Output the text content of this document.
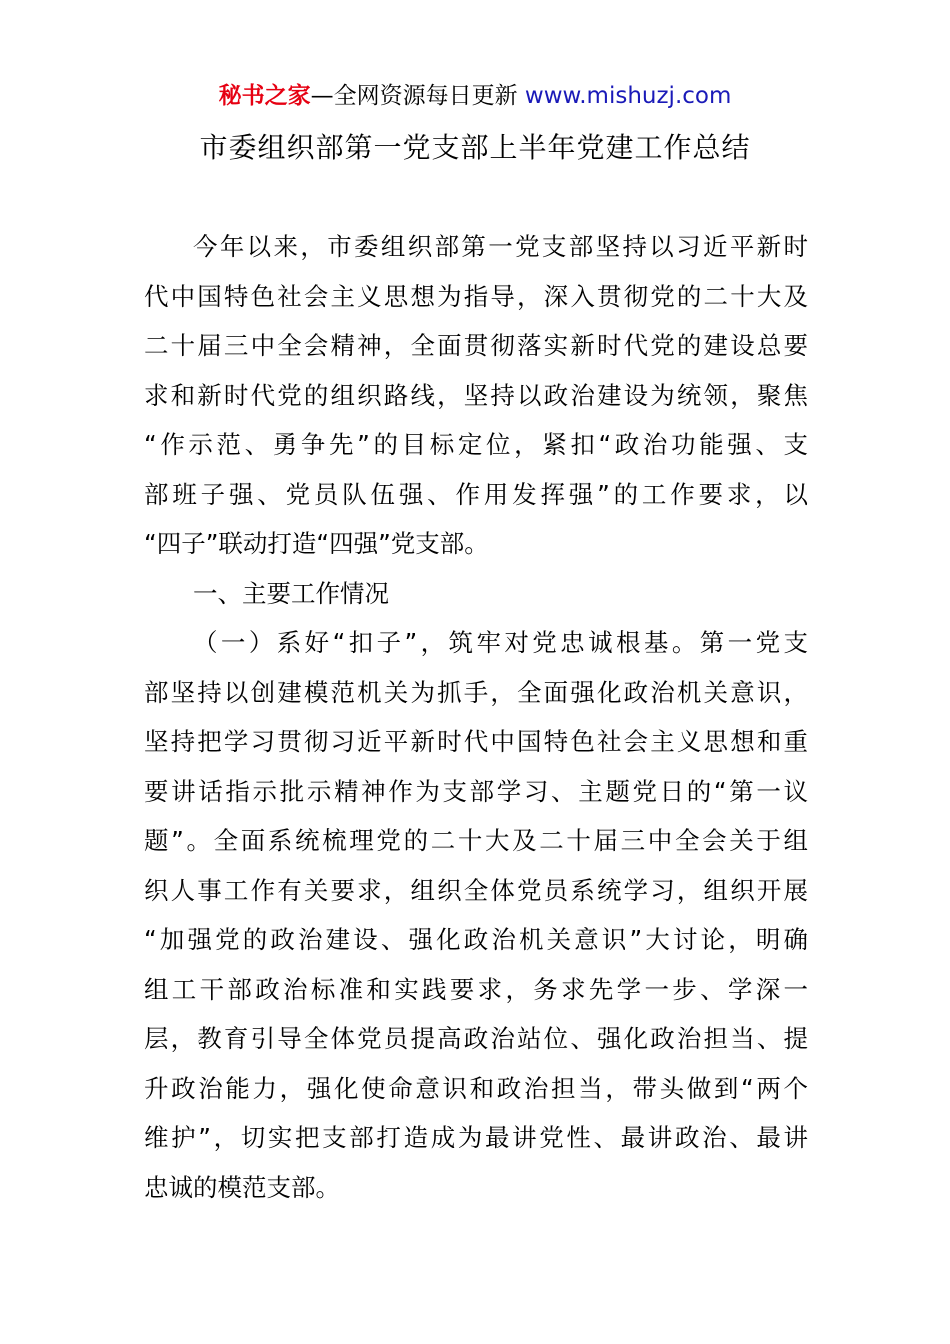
秘书之家—全网资源每日更新 www.mishuzj.com
市委组织部第一党支部上半年党建工作总结
今年以来，市委组织部第一党支部坚持以习近平新时
代中国特色社会主义思想为指导，深入贯彻党的二十大及
二十届三中全会精神，全面贯彻落实新时代党的建设总要
求和新时代党的组织路线，坚持以政治建设为统领，聚焦
“作示范、勇争先”的目标定位，紧扣“政治功能强、支
部班子强、党员队伍强、作用发挥强”的工作要求，以
“四子”联动打造“四强”党支部。
一、主要工作情况
（一）系好“扣子”，筑牢对党忠诚根基。第一党支
部坚持以创建模范机关为抓手，全面强化政治机关意识，
坚持把学习贯彻习近平新时代中国特色社会主义思想和重
要讲话指示批示精神作为支部学习、主题党日的“第一议
题”。全面系统梳理党的二十大及二十届三中全会关于组
织人事工作有关要求，组织全体党员系统学习，组织开展
“加强党的政治建设、强化政治机关意识”大讨论，明确
组工干部政治标准和实践要求，务求先学一步、学深一
层，教育引导全体党员提高政治站位、强化政治担当、提
升政治能力，强化使命意识和政治担当，带头做到“两个
维护”，切实把支部打造成为最讲党性、最讲政治、最讲
忠诚的模范支部。
